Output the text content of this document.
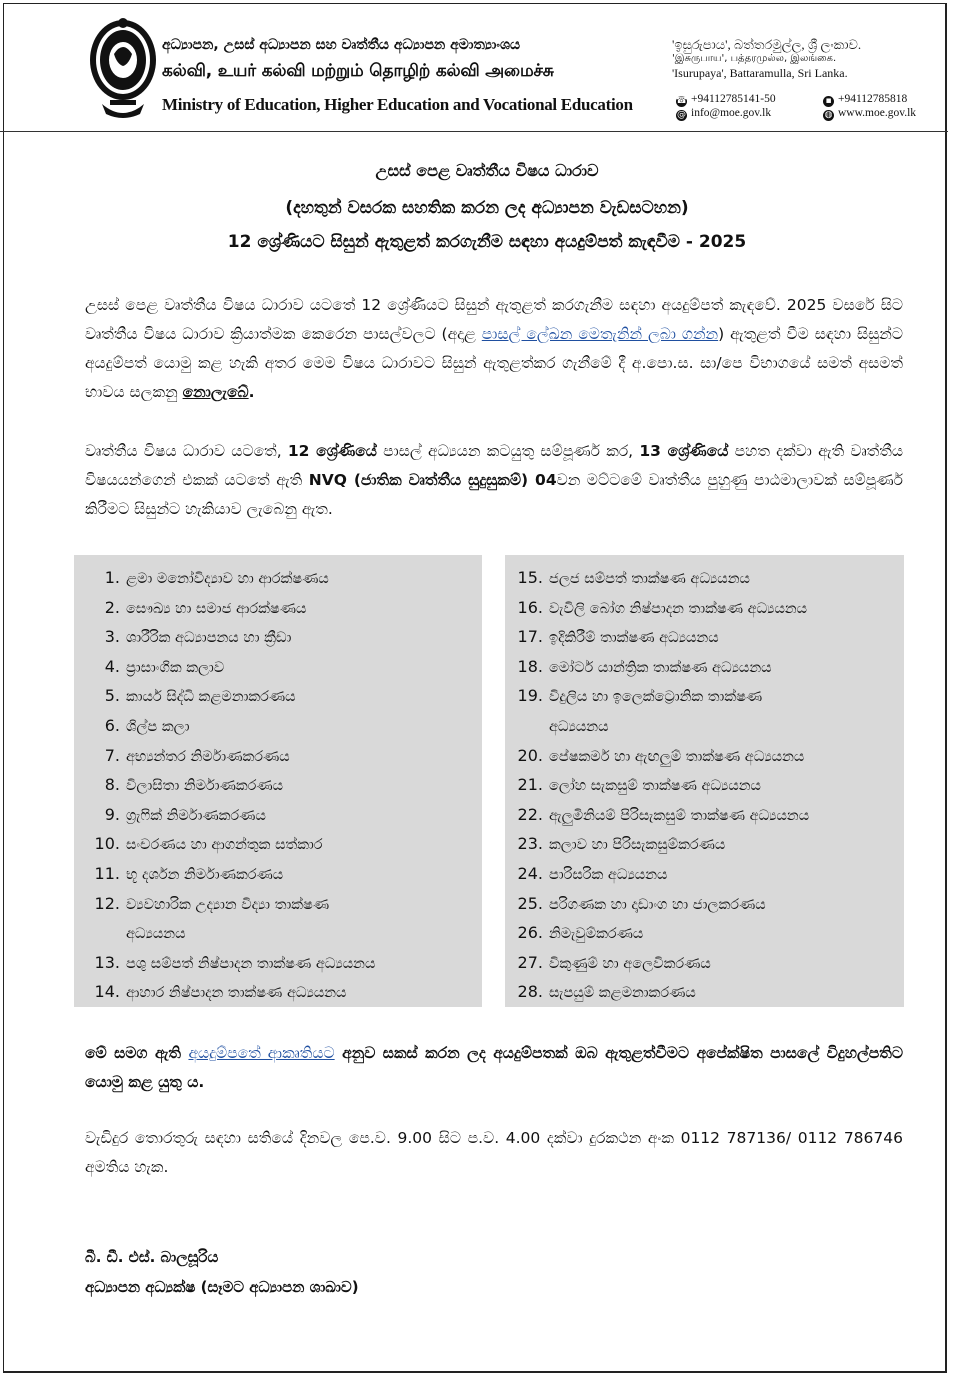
අධ්‍යාපන, උසස් අධ්‍යාපන සහ වෘත්තීය අධ්‍යාපන අමාත්‍යාංශය
கல்வி, உயர் கல்வி மற்றும் தொழிற் கல்வி அமைச்சு
Ministry of Education, Higher Education and Vocational Education
'ඉසුරුපාය', බත්තරමුල්ල, ශ්‍රී ලංකාව.
'இசுருபாய', பத்தரமுல்ல, இலங்கை.
'Isurupaya', Battaramulla, Sri Lanka.
☎ +94112785141-50
@ info@moe.gov.lk
▪ +94112785818
◍ www.moe.gov.lk
උසස් පෙළ වෘත්තීය විෂය ධාරාව
(දහතුන් වසරක සහතික කරන ලද අධ්‍යාපන වැඩසටහන)
12 ශ්‍රේණියට සිසුන් ඇතුළත් කරගැනීම සඳහා අයදුම්පත් කැඳවීම - 2025
උසස් පෙළ වෘත්තීය විෂය ධාරාව යටතේ 12 ශ්‍රේණියට සිසුන් ඇතුළත් කරගැනීම සඳහා අයදුම්පත් කැඳවේ. 2025 වසරේ සිට වෘත්තීය විෂය ධාරාව ක්‍රියාත්මක කෙරෙන පාසල්වලට (අදාළ පාසල් ලේඛන මෙතැනින් ලබා ගන්න) ඇතුළත් වීම සඳහා සිසුන්ට අයදුම්පත් යොමු කළ හැකි අතර මෙම විෂය ධාරාවට සිසුන් ඇතුළත්කර ගැනීමේ දී අ.පො.ස. සා/පෙ විභාගයේ සමත් අසමත් භාවය සලකනු නොලැබේ.
වෘත්තීය විෂය ධාරාව යටතේ, 12 ශ්‍රේණියේ පාසල් අධ්‍යයන කටයුතු සම්පූර්ණ කර, 13 ශ්‍රේණියේ පහත දක්වා ඇති වෘත්තීය විෂයයන්ගෙන් එකක් යටතේ ඇති NVQ (ජාතික වෘත්තීය සුදුසුකම්) 04වන මට්ටමේ වෘත්තීය පුහුණු පාඨමාලාවක් සම්පූර්ණ කිරීමට සිසුන්ට හැකියාව ලැබෙනු ඇත.
1. ළමා මනෝවිද්‍යාව හා ආරක්ෂණය
2. සෞඛ්‍ය හා සමාජ ආරක්ෂණය
3. ශාරීරික අධ්‍යාපනය හා ක්‍රීඩා
4. ප්‍රාසාංගික කලාව
5. කාර්ය සිද්ධි කළමනාකරණය
6. ශිල්ප කලා
7. අභ්‍යන්තර නිර්මාණකරණය
8. විලාසිතා නිර්මාණකරණය
9. ග්‍රැෆික් නිර්මාණකරණය
10. සංචරණය හා ආගන්තුක සත්කාර
11. භූ දර්ශන නිර්මාණකරණය
12. ව්‍යවහාරික උද්‍යාන විද්‍යා තාක්ෂණ
අධ්‍යයනය
13. පශු සම්පත් නිෂ්පාදන තාක්ෂණ අධ්‍යයනය
14. ආහාර නිෂ්පාදන තාක්ෂණ අධ්‍යයනය
15. ජලජ සම්පත් තාක්ෂණ අධ්‍යයනය
16. වැවිලි බෝග නිෂ්පාදන තාක්ෂණ අධ්‍යයනය
17. ඉදිකිරීම් තාක්ෂණ අධ්‍යයනය
18. මෝටර් යාන්ත්‍රික තාක්ෂණ අධ්‍යයනය
19. විදුලිය හා ඉලෙක්ට්‍රොනික තාක්ෂණ
අධ්‍යයනය
20. පේෂකර්ම හා ඇඟලුම් තාක්ෂණ අධ්‍යයනය
21. ලෝහ සැකසුම් තාක්ෂණ අධ්‍යයනය
22. ඇලුමිනියම් පිරිසැකසුම් තාක්ෂණ අධ්‍යයනය
23. කලාව හා පිරිසැකසුම්කරණය
24. පාරිසරික අධ්‍යයනය
25. පරිගණක හා දෘඩාංග හා ජාලකරණය
26. නිමැවුම්කරණය
27. විකුණුම් හා අලෙවිකරණය
28. සැපයුම් කළමනාකරණය
මේ සමග ඇති අයදුම්පතේ ආකෘතියට අනුව සකස් කරන ලද අයදුම්පතක් ඔබ ඇතුළත්වීමට අපේක්ෂිත පාසලේ විදුහල්පතිට යොමු කළ යුතු ය.
වැඩිදුර තොරතුරු සඳහා සතියේ දිනවල පෙ.ව. 9.00 සිට ප.ව. 4.00 දක්වා දුරකථන අංක 0112 787136/ 0112 786746 අමතිය හැක.
බී. ඩී. එස්. බාලසූරිය
අධ්‍යාපන අධ්‍යක්ෂ (සෑමට අධ්‍යාපන ශාඛාව)
